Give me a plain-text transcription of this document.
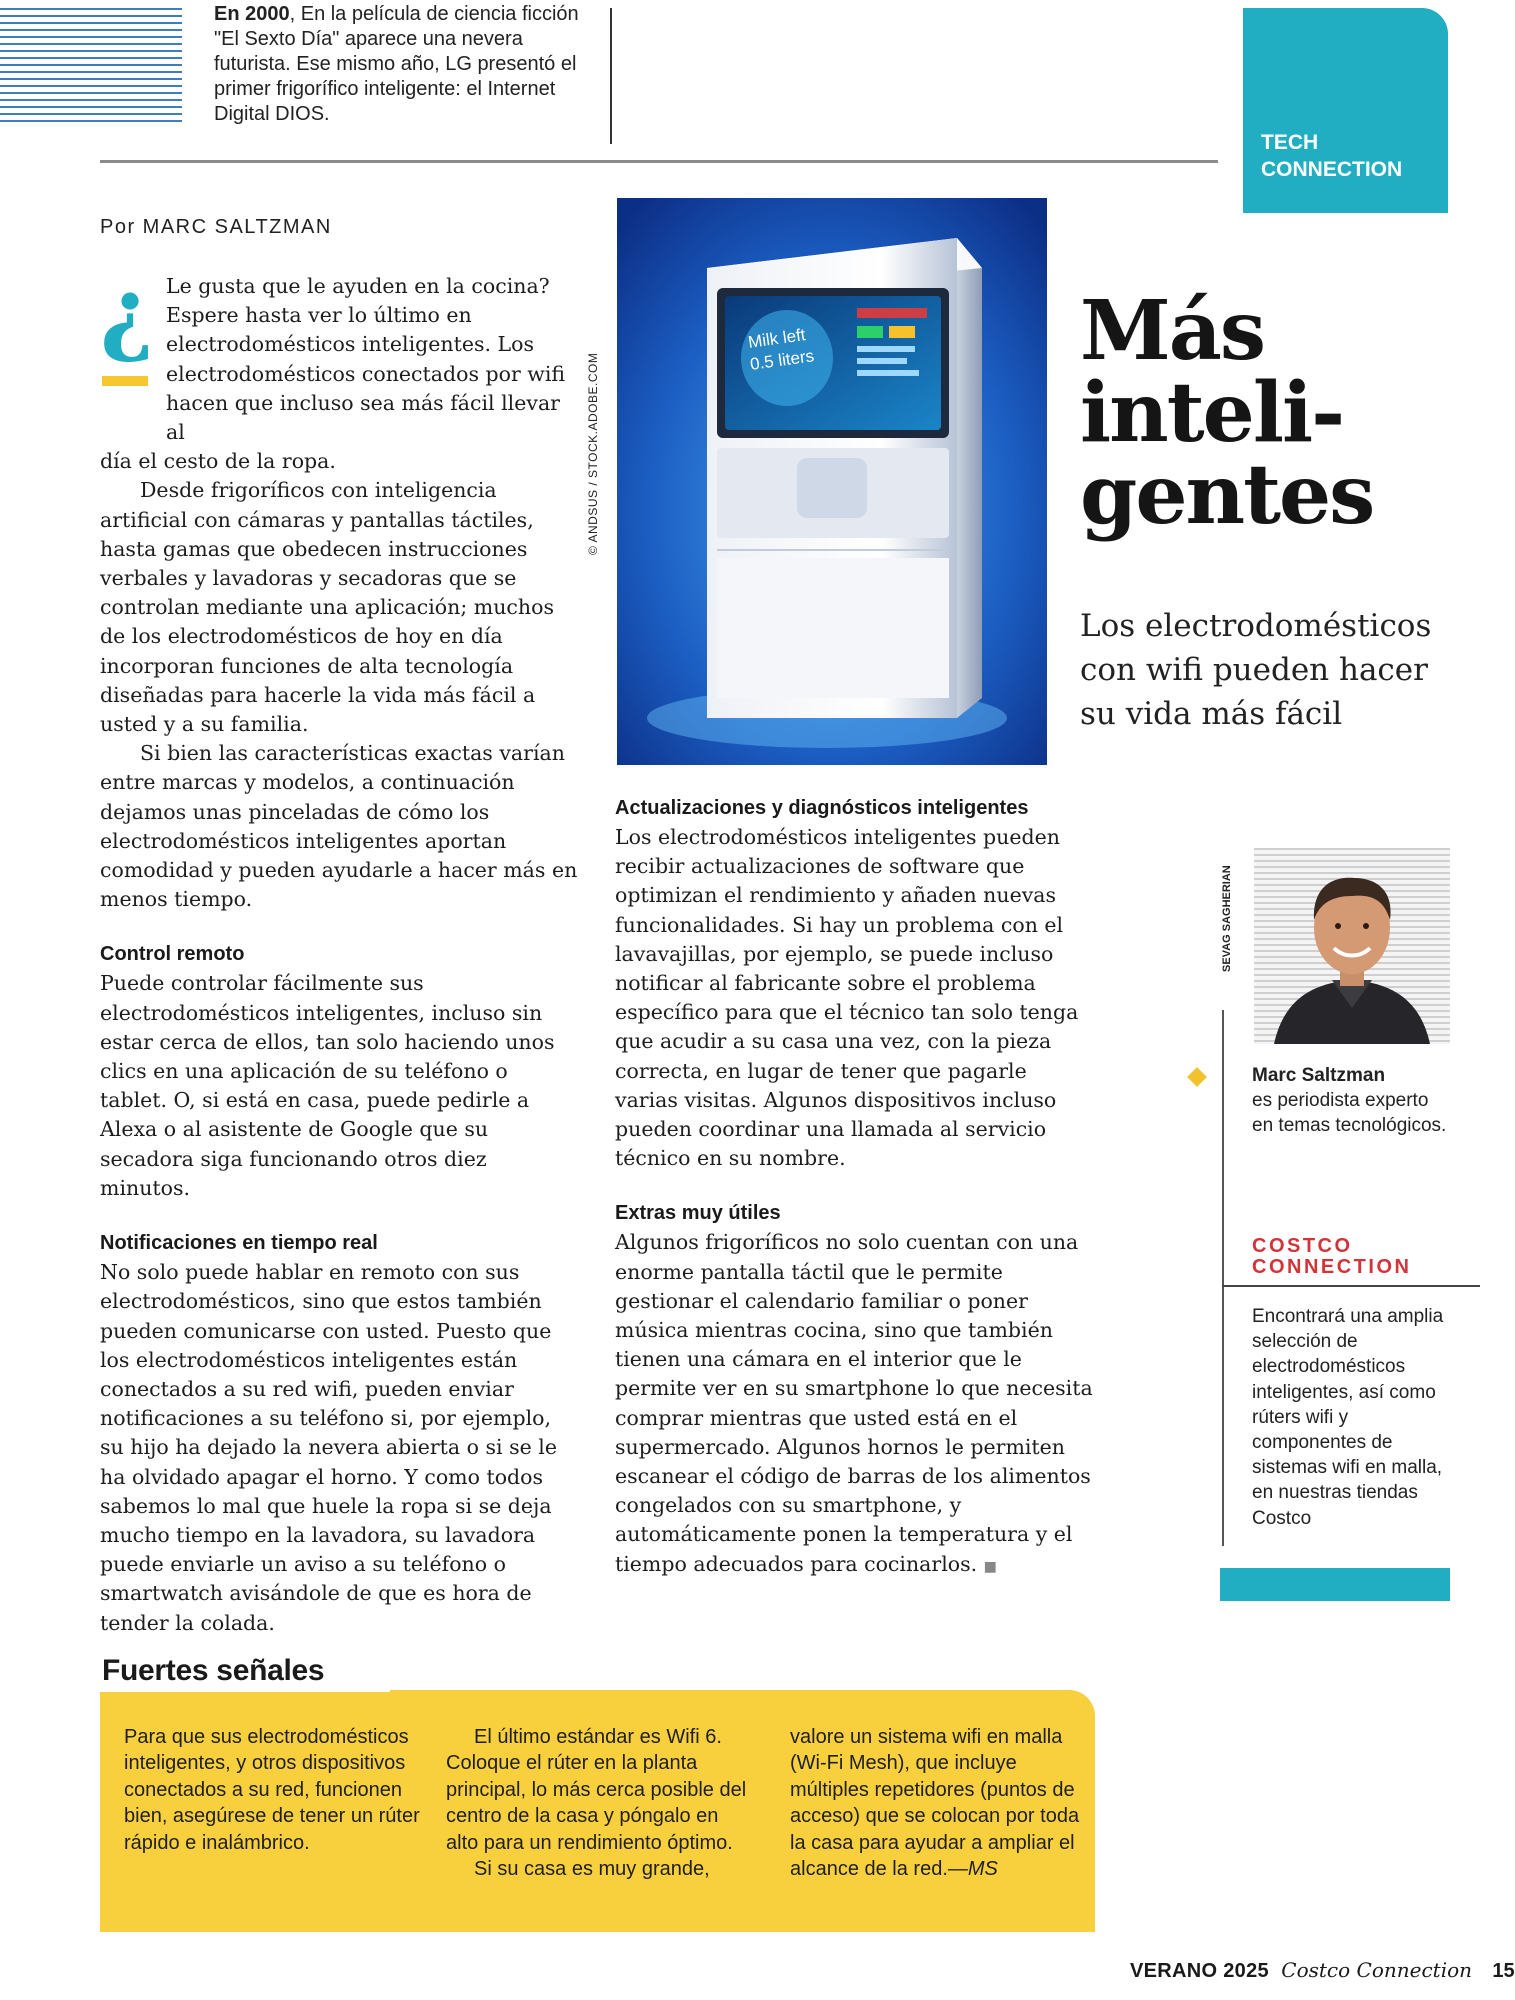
En 2000, En la película de ciencia ficción "El Sexto Día" aparece una nevera futurista. Ese mismo año, LG presentó el primer frigorífico inteligente: el Internet Digital DIOS.
TECH
CONNECTION
Por MARC SALTZMAN
¿ Le gusta que le ayuden en la cocina?
Espere hasta ver lo último en
electrodomésticos inteligentes. Los
electrodomésticos conectados por wifi
hacen que incluso sea más fácil llevar al

día el cesto de la ropa.

Desde frigoríficos con inteligencia artificial con cámaras y pantallas táctiles, hasta gamas que obedecen instrucciones verbales y lavadoras y secadoras que se controlan mediante una aplicación; muchos de los electrodomésticos de hoy en día incorporan funciones de alta tecnología diseñadas para hacerle la vida más fácil a usted y a su familia.

Si bien las características exactas varían entre marcas y modelos, a continuación dejamos unas pinceladas de cómo los electrodomésticos inteligentes aportan comodidad y pueden ayudarle a hacer más en menos tiempo.

Control remoto

Puede controlar fácilmente sus electrodomésticos inteligentes, incluso sin estar cerca de ellos, tan solo haciendo unos clics en una aplicación de su teléfono o tablet. O, si está en casa, puede pedirle a Alexa o al asistente de Google que su secadora siga funcionando otros diez minutos.

Notificaciones en tiempo real

No solo puede hablar en remoto con sus electrodomésticos, sino que estos también pueden comunicarse con usted. Puesto que los electrodomésticos inteligentes están conectados a su red wifi, pueden enviar notificaciones a su teléfono si, por ejemplo, su hijo ha dejado la nevera abierta o si se le ha olvidado apagar el horno. Y como todos sabemos lo mal que huele la ropa si se deja mucho tiempo en la lavadora, su lavadora puede enviarle un aviso a su teléfono o smartwatch avisándole de que es hora de tender la colada.

Milk left
0.5 liters
© ANDSUS / STOCK.ADOBE.COM
Más
inteli-
gentes
Los electrodomésticos con wifi pueden hacer su vida más fácil
Actualizaciones y diagnósticos inteligentes

Los electrodomésticos inteligentes pueden recibir actualizaciones de software que optimizan el rendimiento y añaden nuevas funcionalidades. Si hay un problema con el lavavajillas, por ejemplo, se puede incluso notificar al fabricante sobre el problema específico para que el técnico tan solo tenga que acudir a su casa una vez, con la pieza correcta, en lugar de tener que pagarle varias visitas. Algunos dispositivos incluso pueden coordinar una llamada al servicio técnico en su nombre.

Extras muy útiles

Algunos frigoríficos no solo cuentan con una enorme pantalla táctil que le permite gestionar el calendario familiar o poner música mientras cocina, sino que también tienen una cámara en el interior que le permite ver en su smartphone lo que necesita comprar mientras que usted está en el supermercado. Algunos hornos le permiten escanear el código de barras de los alimentos congelados con su smartphone, y automáticamente ponen la temperatura y el tiempo adecuados para cocinarlos. ■

SEVAG SAGHERIAN
Marc Saltzman
es periodista experto en temas tecnológicos.
COSTCO
CONNECTION
Encontrará una amplia selección de electrodomésticos inteligentes, así como rúters wifi y componentes de sistemas wifi en malla, en nuestras tiendas Costco
Fuertes señales

Para que sus electrodomésticos inteligentes, y otros dispositivos conectados a su red, funcionen bien, asegúrese de tener un rúter rápido e inalámbrico.

El último estándar es Wifi 6. Coloque el rúter en la planta principal, lo más cerca posible del centro de la casa y póngalo en alto para un rendimiento óptimo.

Si su casa es muy grande,

valore un sistema wifi en malla (Wi-Fi Mesh), que incluye múltiples repetidores (puntos de acceso) que se colocan por toda la casa para ayudar a ampliar el alcance de la red.—MS

VERANO 2025 Costco Connection 15
